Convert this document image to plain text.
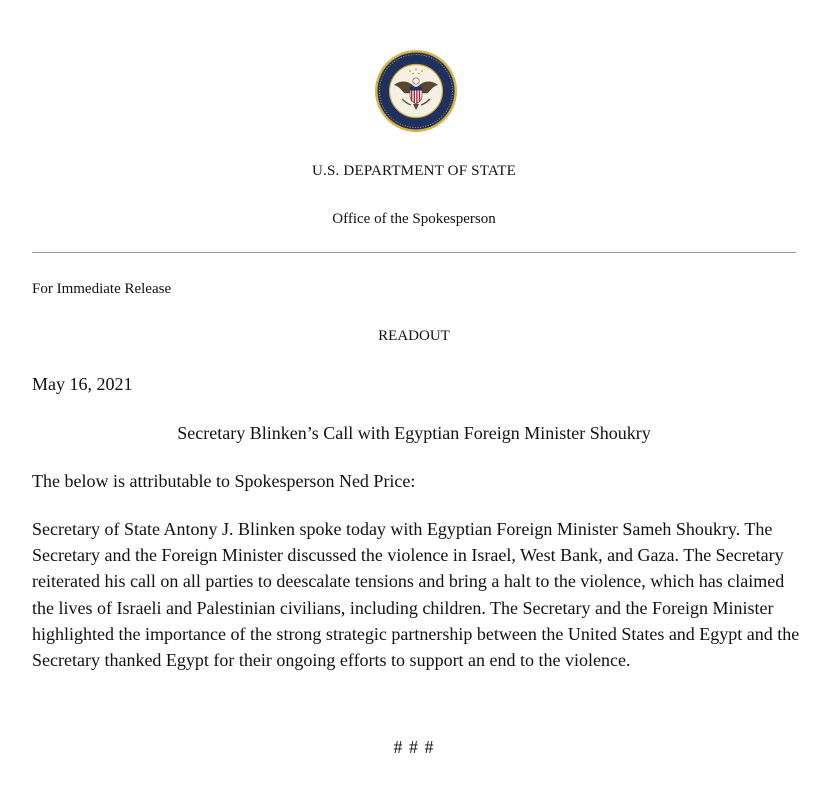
U.S. DEPARTMENT OF STATE
Office of the Spokesperson
For Immediate Release
READOUT
May 16, 2021
Secretary Blinken’s Call with Egyptian Foreign Minister Shoukry
The below is attributable to Spokesperson Ned Price:
Secretary of State Antony J. Blinken spoke today with Egyptian Foreign Minister Sameh Shoukry. The Secretary and the Foreign Minister discussed the violence in Israel, West Bank, and Gaza. The Secretary reiterated his call on all parties to deescalate tensions and bring a halt to the violence, which has claimed the lives of Israeli and Palestinian civilians, including children. The Secretary and the Foreign Minister highlighted the importance of the strong strategic partnership between the United States and Egypt and the Secretary thanked Egypt for their ongoing efforts to support an end to the violence.
# # #
